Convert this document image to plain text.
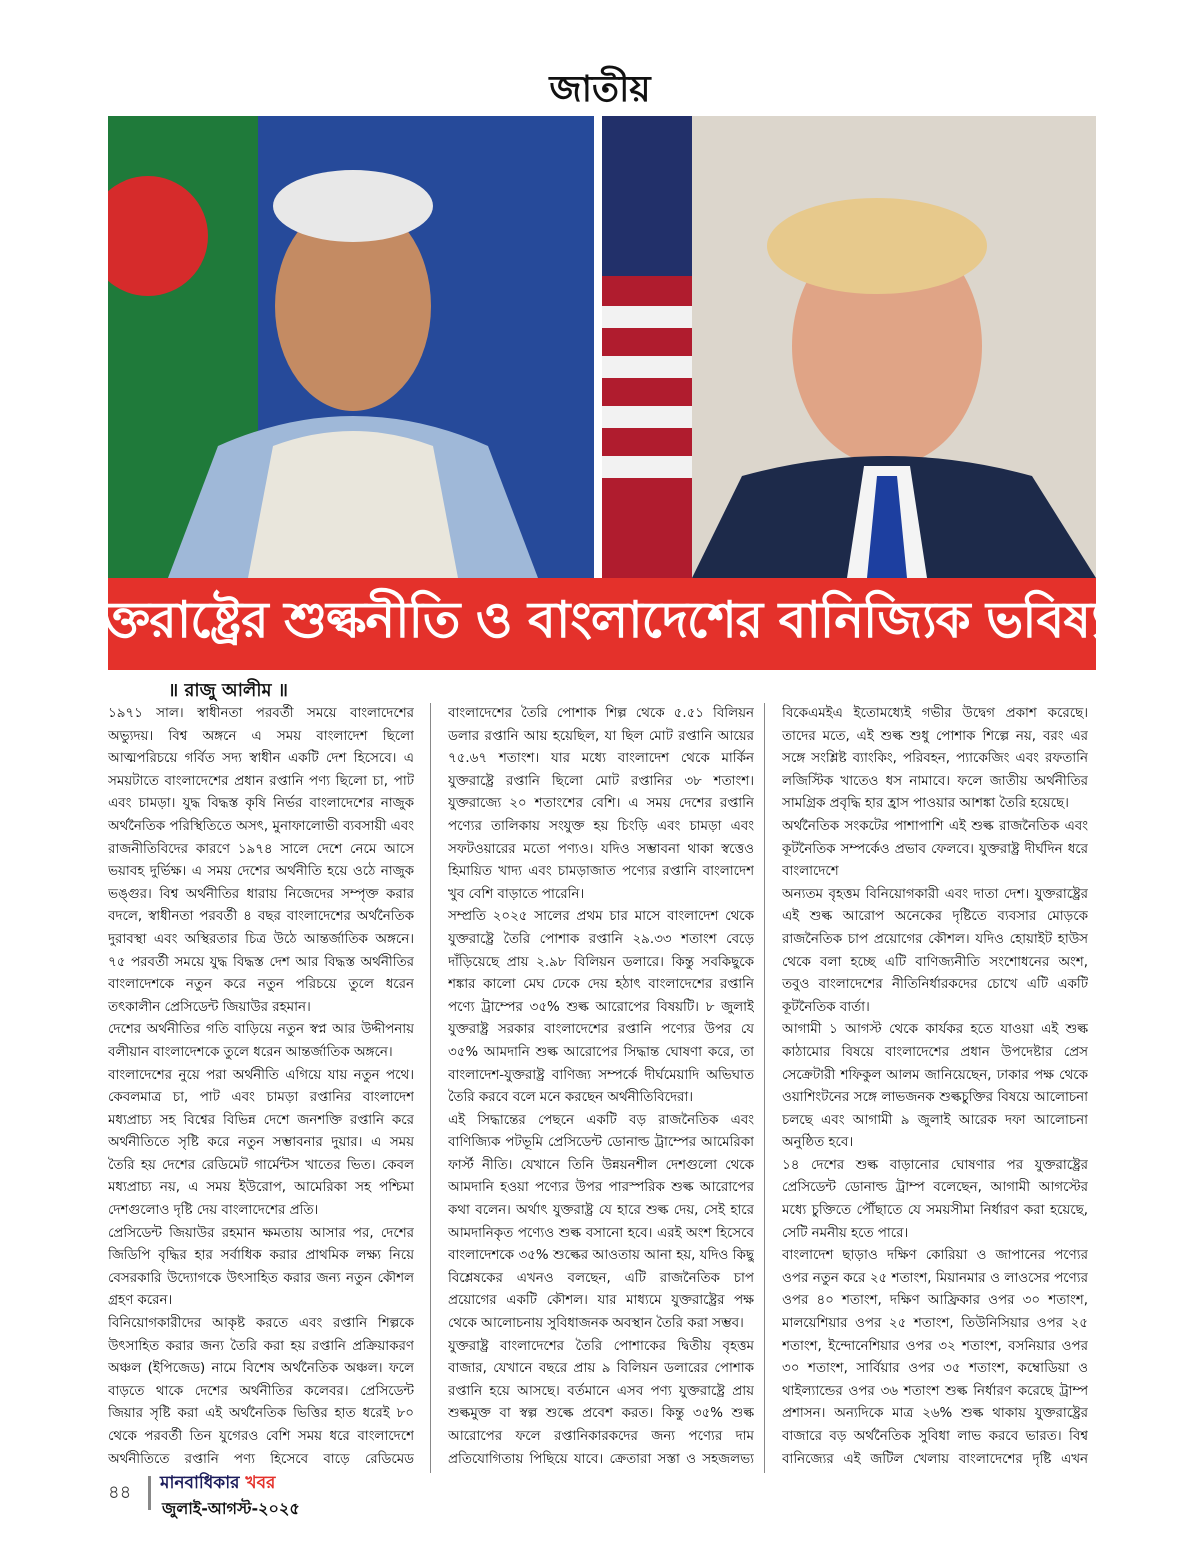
জাতীয়
যুক্তরাষ্ট্রের শুল্কনীতি ও বাংলাদেশের বানিজ্যিক ভবিষ্যৎ
॥ রাজু আলীম ॥

১৯৭১ সাল। স্বাধীনতা পরবর্তী সময়ে বাংলাদেশের অভ্যুদয়। বিশ্ব অঙ্গনে এ সময় বাংলাদেশ ছিলো আত্মপরিচয়ে গর্বিত সদ্য স্বাধীন একটি দেশ হিসেবে। এ সময়টাতে বাংলাদেশের প্রধান রপ্তানি পণ্য ছিলো চা, পাট এবং চামড়া। যুদ্ধ বিদ্ধস্ত কৃষি নির্ভর বাংলাদেশের নাজুক অর্থনৈতিক পরিস্থিতিতে অসৎ, মুনাফালোভী ব্যবসায়ী এবং রাজনীতিবিদের কারণে ১৯৭৪ সালে দেশে নেমে আসে ভয়াবহ দুর্ভিক্ষ। এ সময় দেশের অর্থনীতি হয়ে ওঠে নাজুক ভঙ্গুর। বিশ্ব অর্থনীতির ধারায় নিজেদের সম্পৃক্ত করার বদলে, স্বাধীনতা পরবর্তী ৪ বছর বাংলাদেশের অর্থনৈতিক দুরাবস্থা এবং অস্থিরতার চিত্র উঠে আন্তর্জাতিক অঙ্গনে। ৭৫ পরবর্তী সময়ে যুদ্ধ বিদ্ধস্ত দেশ আর বিদ্ধস্ত অর্থনীতির বাংলাদেশকে নতুন করে নতুন পরিচয়ে তুলে ধরেন তৎকালীন প্রেসিডেন্ট জিয়াউর রহমান।

দেশের অর্থনীতির গতি বাড়িয়ে নতুন স্বপ্ন আর উদ্দীপনায় বলীয়ান বাংলাদেশকে তুলে ধরেন আন্তর্জাতিক অঙ্গনে।

বাংলাদেশের নুয়ে পরা অর্থনীতি এগিয়ে যায় নতুন পথে। কেবলমাত্র চা, পাট এবং চামড়া রপ্তানির বাংলাদেশ মধ্যপ্রাচ্য সহ বিশ্বের বিভিন্ন দেশে জনশক্তি রপ্তানি করে অর্থনীতিতে সৃষ্টি করে নতুন সম্ভাবনার দুয়ার। এ সময় তৈরি হয় দেশের রেডিমেট গার্মেন্টস খাতের ভিত। কেবল মধ্যপ্রাচ্য নয়, এ সময় ইউরোপ, আমেরিকা সহ পশ্চিমা দেশগুলোও দৃষ্টি দেয় বাংলাদেশের প্রতি।

প্রেসিডেন্ট জিয়াউর রহমান ক্ষমতায় আসার পর, দেশের জিডিপি বৃদ্ধির হার সর্বাধিক করার প্রাথমিক লক্ষ্য নিয়ে বেসরকারি উদ্যোগকে উৎসাহিত করার জন্য নতুন কৌশল গ্রহণ করেন।

বিনিয়োগকারীদের আকৃষ্ট করতে এবং রপ্তানি শিল্পকে উৎসাহিত করার জন্য তৈরি করা হয় রপ্তানি প্রক্রিয়াকরণ অঞ্চল (ইপিজেড) নামে বিশেষ অর্থনৈতিক অঞ্চল। ফলে বাড়তে থাকে দেশের অর্থনীতির কলেবর। প্রেসিডেন্ট জিয়ার সৃষ্টি করা এই অর্থনৈতিক ভিত্তির হাত ধরেই ৮০ থেকে পরবর্তী তিন যুগেরও বেশি সময় ধরে বাংলাদেশে অর্থনীতিতে রপ্তানি পণ্য হিসেবে বাড়ে রেডিমেড

বাংলাদেশের তৈরি পোশাক শিল্প থেকে ৫.৫১ বিলিয়ন ডলার রপ্তানি আয় হয়েছিল, যা ছিল মোট রপ্তানি আয়ের ৭৫.৬৭ শতাংশ। যার মধ্যে বাংলাদেশ থেকে মার্কিন যুক্তরাষ্ট্রে রপ্তানি ছিলো মোট রপ্তানির ৩৮ শতাংশ। যুক্তরাজ্যে ২০ শতাংশের বেশি। এ সময় দেশের রপ্তানি পণ্যের তালিকায় সংযুক্ত হয় চিংড়ি এবং চামড়া এবং সফটওয়ারের মতো পণ্যও। যদিও সম্ভাবনা থাকা স্বত্তেও হিমায়িত খাদ্য এবং চামড়াজাত পণ্যের রপ্তানি বাংলাদেশ খুব বেশি বাড়াতে পারেনি।

সম্প্রতি ২০২৫ সালের প্রথম চার মাসে বাংলাদেশ থেকে যুক্তরাষ্ট্রে তৈরি পোশাক রপ্তানি ২৯.৩৩ শতাংশ বেড়ে দাঁড়িয়েছে প্রায় ২.৯৮ বিলিয়ন ডলারে। কিন্তু সবকিছুকে শঙ্কার কালো মেঘ ঢেকে দেয় হঠাৎ বাংলাদেশের রপ্তানি পণ্যে ট্রাম্পের ৩৫% শুল্ক আরোপের বিষয়টি। ৮ জুলাই যুক্তরাষ্ট্র সরকার বাংলাদেশের রপ্তানি পণ্যের উপর যে ৩৫% আমদানি শুল্ক আরোপের সিদ্ধান্ত ঘোষণা করে, তা বাংলাদেশ-যুক্তরাষ্ট্র বাণিজ্য সম্পর্কে দীর্ঘমেয়াদি অভিঘাত তৈরি করবে বলে মনে করছেন অর্থনীতিবিদেরা।

এই সিদ্ধান্তের পেছনে একটি বড় রাজনৈতিক এবং বাণিজ্যিক পটভূমি প্রেসিডেন্ট ডোনাল্ড ট্রাম্পের আমেরিকা ফার্স্ট নীতি। যেখানে তিনি উন্নয়নশীল দেশগুলো থেকে আমদানি হওয়া পণ্যের উপর পারস্পরিক শুল্ক আরোপের কথা বলেন। অর্থাৎ যুক্তরাষ্ট্র যে হারে শুল্ক দেয়, সেই হারে আমদানিকৃত পণ্যেও শুল্ক বসানো হবে। এরই অংশ হিসেবে বাংলাদেশকে ৩৫% শুল্কের আওতায় আনা হয়, যদিও কিছু বিশ্লেষকের এখনও বলছেন, এটি রাজনৈতিক চাপ প্রয়োগের একটি কৌশল। যার মাধ্যমে যুক্তরাষ্ট্রের পক্ষ থেকে আলোচনায় সুবিধাজনক অবস্থান তৈরি করা সম্ভব।

যুক্তরাষ্ট্র বাংলাদেশের তৈরি পোশাকের দ্বিতীয় বৃহত্তম বাজার, যেখানে বছরে প্রায় ৯ বিলিয়ন ডলারের পোশাক রপ্তানি হয়ে আসছে। বর্তমানে এসব পণ্য যুক্তরাষ্ট্রে প্রায় শুল্কমুক্ত বা স্বল্প শুল্কে প্রবেশ করত। কিন্তু ৩৫% শুল্ক আরোপের ফলে রপ্তানিকারকদের জন্য পণ্যের দাম প্রতিযোগিতায় পিছিয়ে যাবে। ক্রেতারা সস্তা ও সহজলভ্য

বিকেএমইএ ইতোমধ্যেই গভীর উদ্বেগ প্রকাশ করেছে। তাদের মতে, এই শুল্ক শুধু পোশাক শিল্পে নয়, বরং এর সঙ্গে সংশ্লিষ্ট ব্যাংকিং, পরিবহন, প্যাকেজিং এবং রফতানি লজিস্টিক খাতেও ধস নামাবে। ফলে জাতীয় অর্থনীতির সামগ্রিক প্রবৃদ্ধি হার হ্রাস পাওয়ার আশঙ্কা তৈরি হয়েছে।

অর্থনৈতিক সংকটের পাশাপাশি এই শুল্ক রাজনৈতিক এবং কূটনৈতিক সম্পর্কেও প্রভাব ফেলবে। যুক্তরাষ্ট্র দীর্ঘদিন ধরে বাংলাদেশে

অন্যতম বৃহত্তম বিনিয়োগকারী এবং দাতা দেশ। যুক্তরাষ্ট্রের এই শুল্ক আরোপ অনেকের দৃষ্টিতে ব্যবসার মোড়কে রাজনৈতিক চাপ প্রয়োগের কৌশল। যদিও হোয়াইট হাউস থেকে বলা হচ্ছে এটি বাণিজ্যনীতি সংশোধনের অংশ, তবুও বাংলাদেশের নীতিনির্ধারকদের চোখে এটি একটি কূটনৈতিক বার্তা।

আগামী ১ আগস্ট থেকে কার্যকর হতে যাওয়া এই শুল্ক কাঠামোর বিষয়ে বাংলাদেশের প্রধান উপদেষ্টার প্রেস সেক্রেটারী শফিকুল আলম জানিয়েছেন, ঢাকার পক্ষ থেকে ওয়াশিংটনের সঙ্গে লাভজনক শুল্কচুক্তির বিষয়ে আলোচনা চলছে এবং আগামী ৯ জুলাই আরেক দফা আলোচনা অনুষ্ঠিত হবে।

১৪ দেশের শুল্ক বাড়ানোর ঘোষণার পর যুক্তরাষ্ট্রের প্রেসিডেন্ট ডোনাল্ড ট্রাম্প বলেছেন, আগামী আগস্টের মধ্যে চুক্তিতে পৌঁছাতে যে সময়সীমা নির্ধারণ করা হয়েছে, সেটি নমনীয় হতে পারে।

বাংলাদেশ ছাড়াও দক্ষিণ কোরিয়া ও জাপানের পণ্যের ওপর নতুন করে ২৫ শতাংশ, মিয়ানমার ও লাওসের পণ্যের ওপর ৪০ শতাংশ, দক্ষিণ আফ্রিকার ওপর ৩০ শতাংশ, মালয়েশিয়ার ওপর ২৫ শতাংশ, তিউনিসিয়ার ওপর ২৫ শতাংশ, ইন্দোনেশিয়ার ওপর ৩২ শতাংশ, বসনিয়ার ওপর ৩০ শতাংশ, সার্বিয়ার ওপর ৩৫ শতাংশ, কম্বোডিয়া ও থাইল্যান্ডের ওপর ৩৬ শতাংশ শুল্ক নির্ধারণ করেছে ট্রাম্প প্রশাসন। অন্যদিকে মাত্র ২৬% শুল্ক থাকায় যুক্তরাষ্ট্রের বাজারে বড় অর্থনৈতিক সুবিধা লাভ করবে ভারত। বিশ্ব বানিজ্যের এই জটিল খেলায় বাংলাদেশের দৃষ্টি এখন

৪৪ মানবাধিকার খবর
জুলাই-আগস্ট-২০২৫
